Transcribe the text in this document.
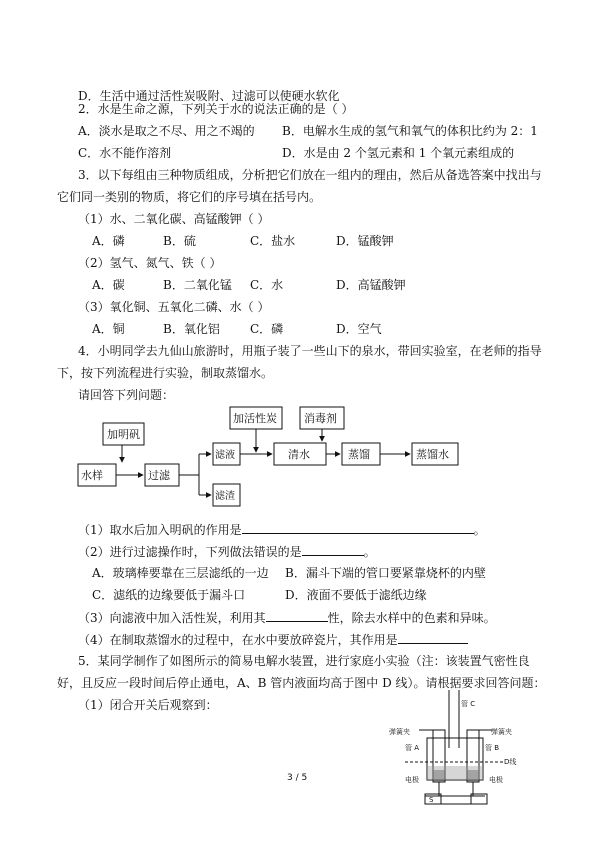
D．生活中通过活性炭吸附、过滤可以使硬水软化
2．水是生命之源，下列关于水的说法正确的是（ ）
A．淡水是取之不尽、用之不竭的 B．电解水生成的氢气和氧气的体积比约为 2：1
C．水不能作溶剂	D．水是由 2 个氢元素和 1 个氧元素组成的
3．以下每组由三种物质组成，分析把它们放在一组内的理由，然后从备选答案中找出与
它们同一类别的物质，将它们的序号填在括号内。
（1）水、二氧化碳、高锰酸钾（ ）
A．磷	B．硫	C．盐水	D．锰酸钾
（2）氢气、氮气、铁（ ）
A．碳	B．二氧化锰 C．水	D．高锰酸钾
（3）氧化铜、五氧化二磷、水（ ）
A．铜	B．氧化铝	C．磷	D．空气
4．小明同学去九仙山旅游时，用瓶子装了一些山下的泉水，带回实验室，在老师的指导
下，按下列流程进行实验，制取蒸馏水。
请回答下列问题：
加明矾
水样	过滤
加活性炭 消毒剂
滤液	清水	蒸馏	蒸馏水
滤渣
（1）取水后加入明矾的作用是	。
（2）进行过滤操作时，下列做法错误的是	。
A．玻璃棒要靠在三层滤纸的一边 B．漏斗下端的管口要紧靠烧杯的内壁
C．滤纸的边缘要低于漏斗口	D．液面不要低于滤纸边缘
（3）向滤液中加入活性炭，利用其	性，除去水样中的色素和异味。
（4）在制取蒸馏水的过程中，在水中要放碎瓷片，其作用是
5．某同学制作了如图所示的简易电解水装置，进行家庭小实验（注：该装置气密性良
好，且反应一段时间后停止通电，A、B 管内液面均高于图中 D 线）。请根据要求回答问题：
（1）闭合开关后观察到：	管 C
弹簧夹	弹簧夹
管 A	管 B
D线
电极	电极
S
3 / 5
